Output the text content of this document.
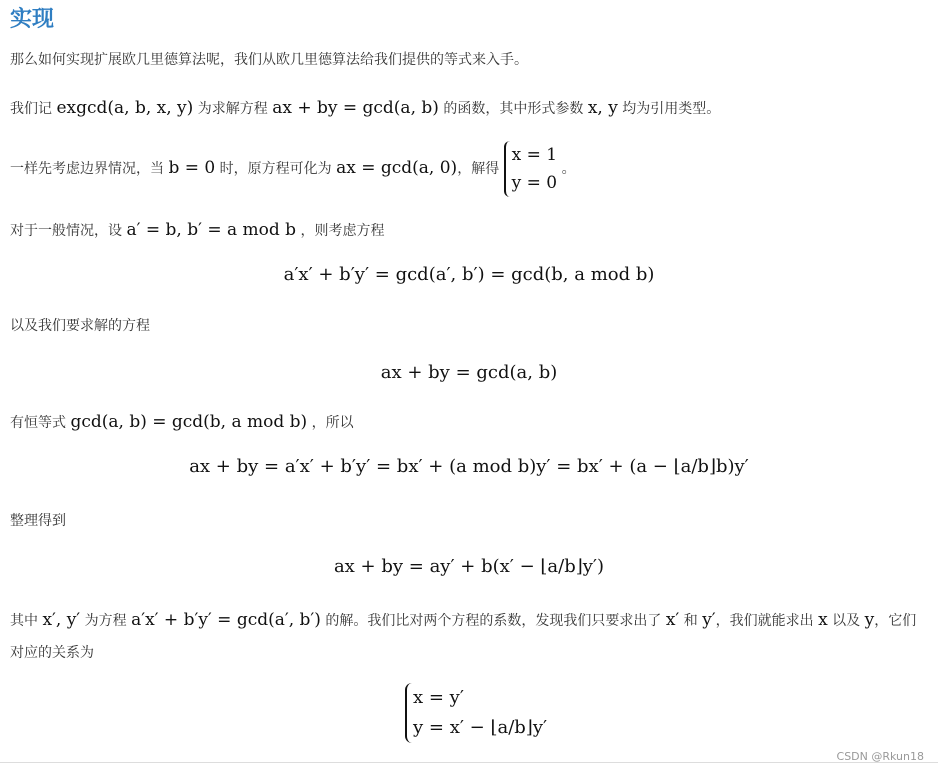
实现
那么如何实现扩展欧几里德算法呢，我们从欧几里德算法给我们提供的等式来入手。
我们记 exgcd(a, b, x, y) 为求解方程 ax + by = gcd(a, b) 的函数，其中形式参数 x, y 均为引用类型。
一样先考虑边界情况，当 b = 0 时，原方程可化为 ax = gcd(a, 0)，解得
x = 1
y = 0
。
对于一般情况，设 a′ = b, b′ = a mod b ，则考虑方程
a′x′ + b′y′ = gcd(a′, b′) = gcd(b, a mod b)
以及我们要求解的方程
ax + by = gcd(a, b)
有恒等式 gcd(a, b) = gcd(b, a mod b) ，所以
ax + by = a′x′ + b′y′ = bx′ + (a mod b)y′ = bx′ + (a − ⌊a/b⌋b)y′
整理得到
ax + by = ay′ + b(x′ − ⌊a/b⌋y′)
其中 x′, y′ 为方程 a′x′ + b′y′ = gcd(a′, b′) 的解。我们比对两个方程的系数，发现我们只要求出了 x′ 和 y′，我们就能求出 x 以及 y，它们对应的关系为
x = y′
y = x′ − ⌊a/b⌋y′
CSDN @Rkun18
